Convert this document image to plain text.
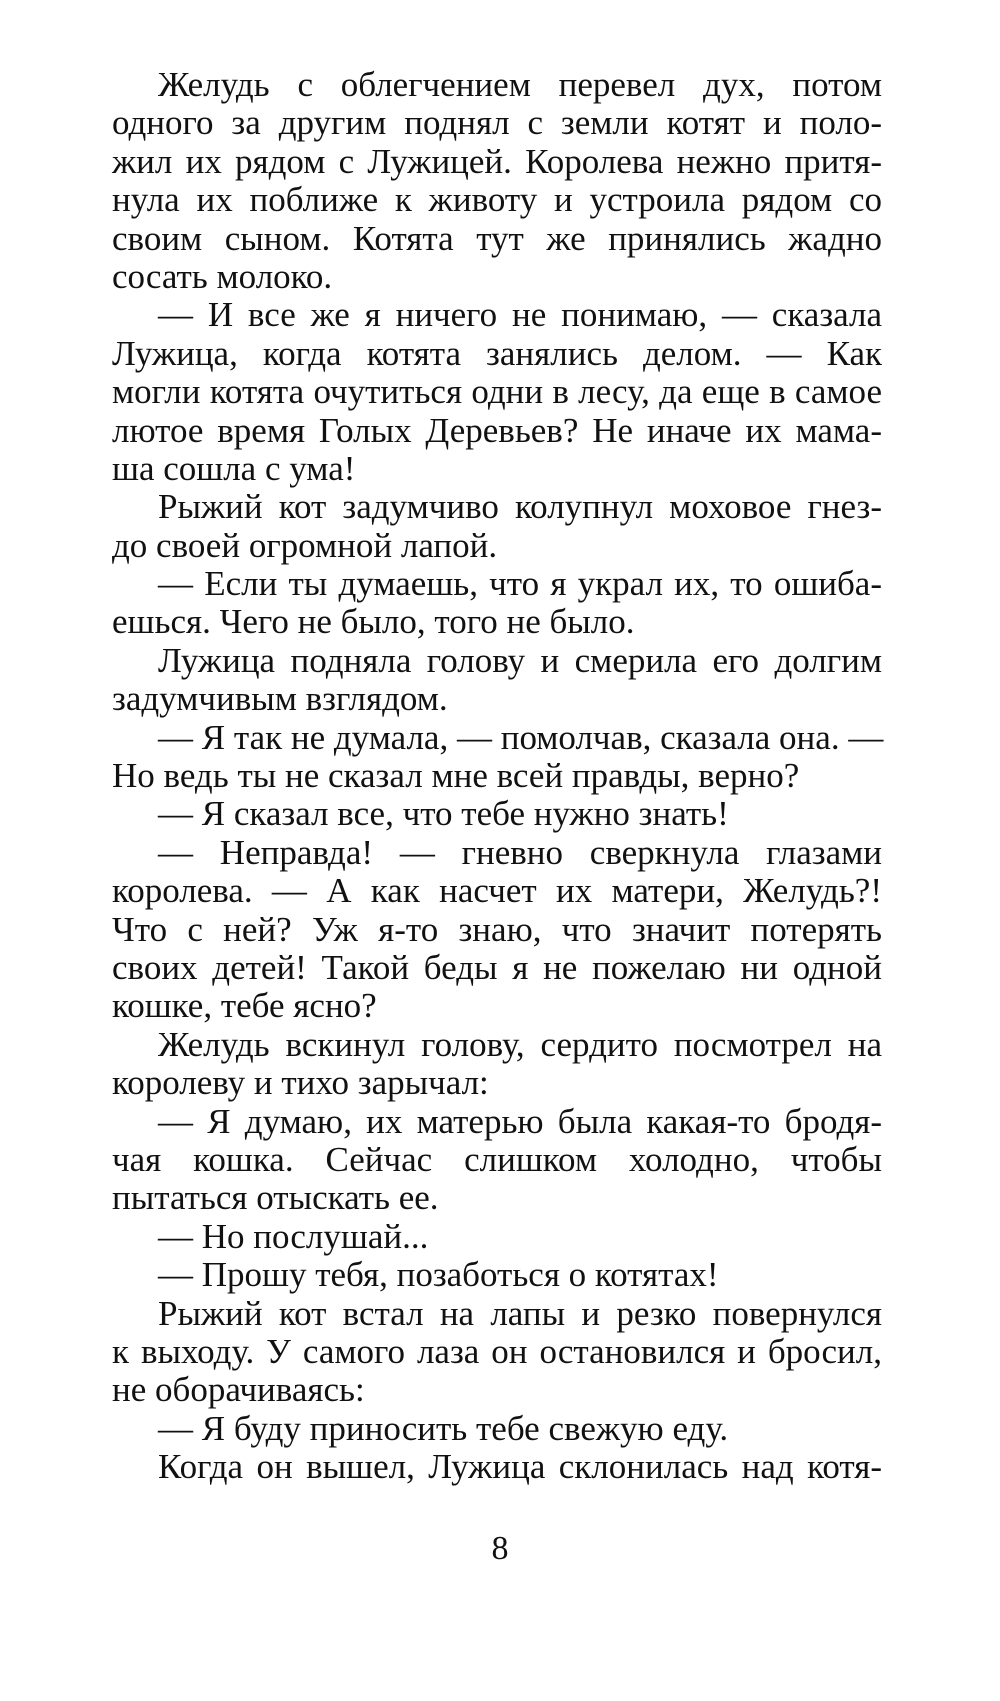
Желудь с облегчением перевел дух, потом
одного за другим поднял с земли котят и поло-
жил их рядом с Лужицей. Королева нежно притя-
нула их поближе к животу и устроила рядом со
своим сыном. Котята тут же принялись жадно
сосать молоко.
— И все же я ничего не понимаю, — сказала
Лужица, когда котята занялись делом. — Как
могли котята очутиться одни в лесу, да еще в самое
лютое время Голых Деревьев? Не иначе их мама-
ша сошла с ума!
Рыжий кот задумчиво колупнул моховое гнез-
до своей огромной лапой.
— Если ты думаешь, что я украл их, то ошиба-
ешься. Чего не было, того не было.
Лужица подняла голову и смерила его долгим
задумчивым взглядом.
— Я так не думала, — помолчав, сказала она. —
Но ведь ты не сказал мне всей правды, верно?
— Я сказал все, что тебе нужно знать!
— Неправда! — гневно сверкнула глазами
королева. — А как насчет их матери, Желудь?!
Что с ней? Уж я-то знаю, что значит потерять
своих детей! Такой беды я не пожелаю ни одной
кошке, тебе ясно?
Желудь вскинул голову, сердито посмотрел на
королеву и тихо зарычал:
— Я думаю, их матерью была какая-то бродя-
чая кошка. Сейчас слишком холодно, чтобы
пытаться отыскать ее.
— Но послушай...
— Прошу тебя, позаботься о котятах!
Рыжий кот встал на лапы и резко повернулся
к выходу. У самого лаза он остановился и бросил,
не оборачиваясь:
— Я буду приносить тебе свежую еду.
Когда он вышел, Лужица склонилась над котя-
8
